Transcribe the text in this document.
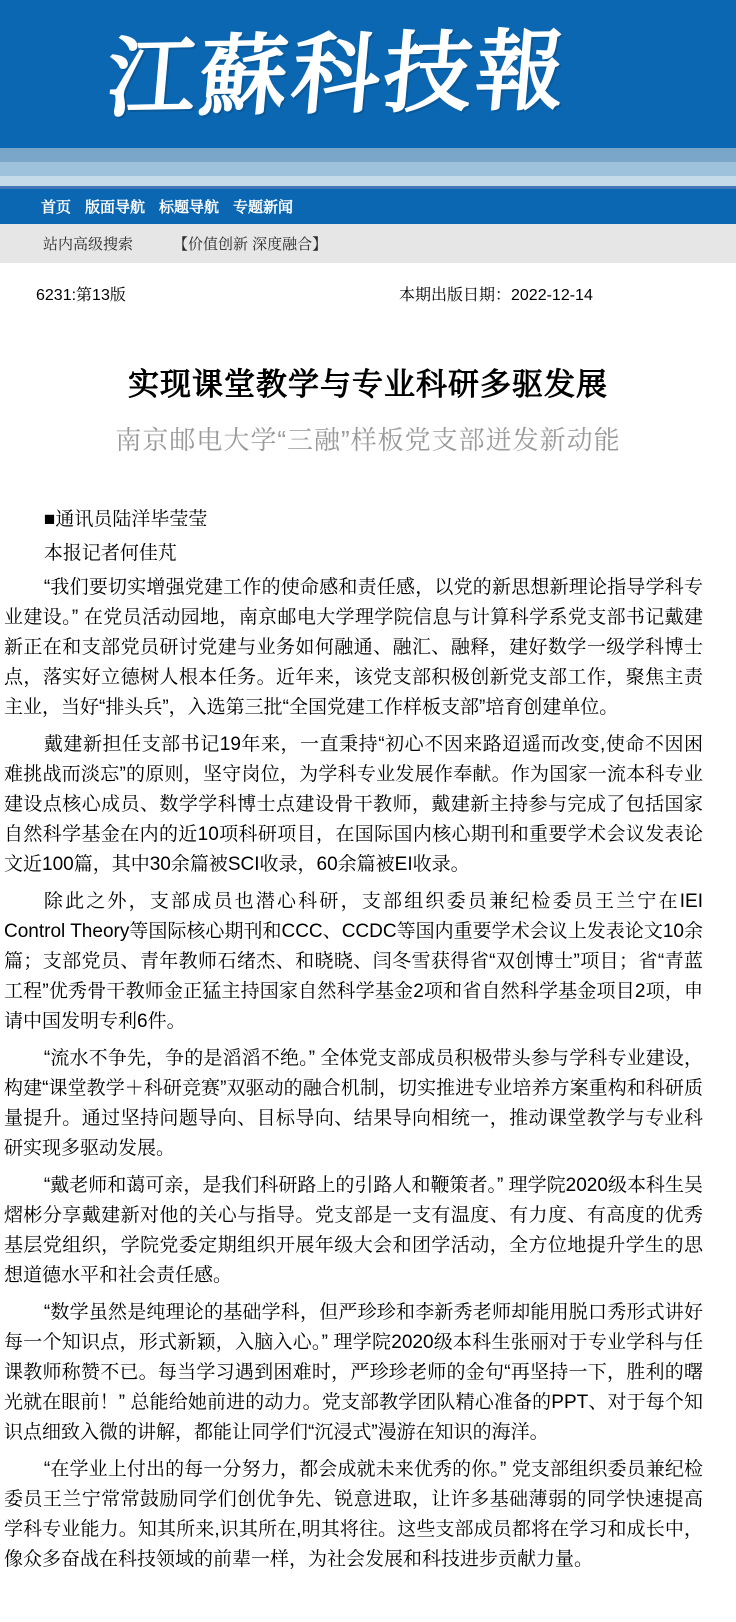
江蘇科技報
首页 版面导航 标题导航 专题新闻
站内高级搜索	【价值创新 深度融合】
6231:第13版	本期出版日期：2022-12-14
实现课堂教学与专业科研多驱发展
南京邮电大学“三融”样板党支部迸发新动能

■通讯员陆洋毕莹莹

本报记者何佳芃

“我们要切实增强党建工作的使命感和责任感，以党的新思想新理论指导学科专业建设。” 在党员活动园地，南京邮电大学理学院信息与计算科学系党支部书记戴建新正在和支部党员研讨党建与业务如何融通、融汇、融释，建好数学一级学科博士点，落实好立德树人根本任务。近年来，该党支部积极创新党支部工作，聚焦主责主业，当好“排头兵”，入选第三批“全国党建工作样板支部”培育创建单位。

戴建新担任支部书记19年来，一直秉持“初心不因来路迢遥而改变,使命不因困难挑战而淡忘”的原则，坚守岗位，为学科专业发展作奉献。作为国家一流本科专业建设点核心成员、数学学科博士点建设骨干教师，戴建新主持参与完成了包括国家自然科学基金在内的近10项科研项目，在国际国内核心期刊和重要学术会议发表论文近100篇，其中30余篇被SCI收录，60余篇被EI收录。

除此之外，支部成员也潜心科研，支部组织委员兼纪检委员王兰宁在IEI Control Theory等国际核心期刊和CCC、CCDC等国内重要学术会议上发表论文10余篇；支部党员、青年教师石绪杰、和晓晓、闫冬雪获得省“双创博士”项目；省“青蓝工程”优秀骨干教师金正猛主持国家自然科学基金2项和省自然科学基金项目2项，申请中国发明专利6件。

“流水不争先，争的是滔滔不绝。” 全体党支部成员积极带头参与学科专业建设，构建“课堂教学＋科研竞赛”双驱动的融合机制，切实推进专业培养方案重构和科研质量提升。通过坚持问题导向、目标导向、结果导向相统一，推动课堂教学与专业科研实现多驱动发展。

“戴老师和蔼可亲，是我们科研路上的引路人和鞭策者。” 理学院2020级本科生吴熠彬分享戴建新对他的关心与指导。党支部是一支有温度、有力度、有高度的优秀基层党组织，学院党委定期组织开展年级大会和团学活动，全方位地提升学生的思想道德水平和社会责任感。

“数学虽然是纯理论的基础学科，但严珍珍和李新秀老师却能用脱口秀形式讲好每一个知识点，形式新颖，入脑入心。” 理学院2020级本科生张丽对于专业学科与任课教师称赞不已。每当学习遇到困难时，严珍珍老师的金句“再坚持一下，胜利的曙光就在眼前！” 总能给她前进的动力。党支部教学团队精心准备的PPT、对于每个知识点细致入微的讲解，都能让同学们“沉浸式”漫游在知识的海洋。

“在学业上付出的每一分努力，都会成就未来优秀的你。” 党支部组织委员兼纪检委员王兰宁常常鼓励同学们创优争先、锐意进取，让许多基础薄弱的同学快速提高学科专业能力。知其所来,识其所在,明其将往。这些支部成员都将在学习和成长中，像众多奋战在科技领域的前辈一样，为社会发展和科技进步贡献力量。
